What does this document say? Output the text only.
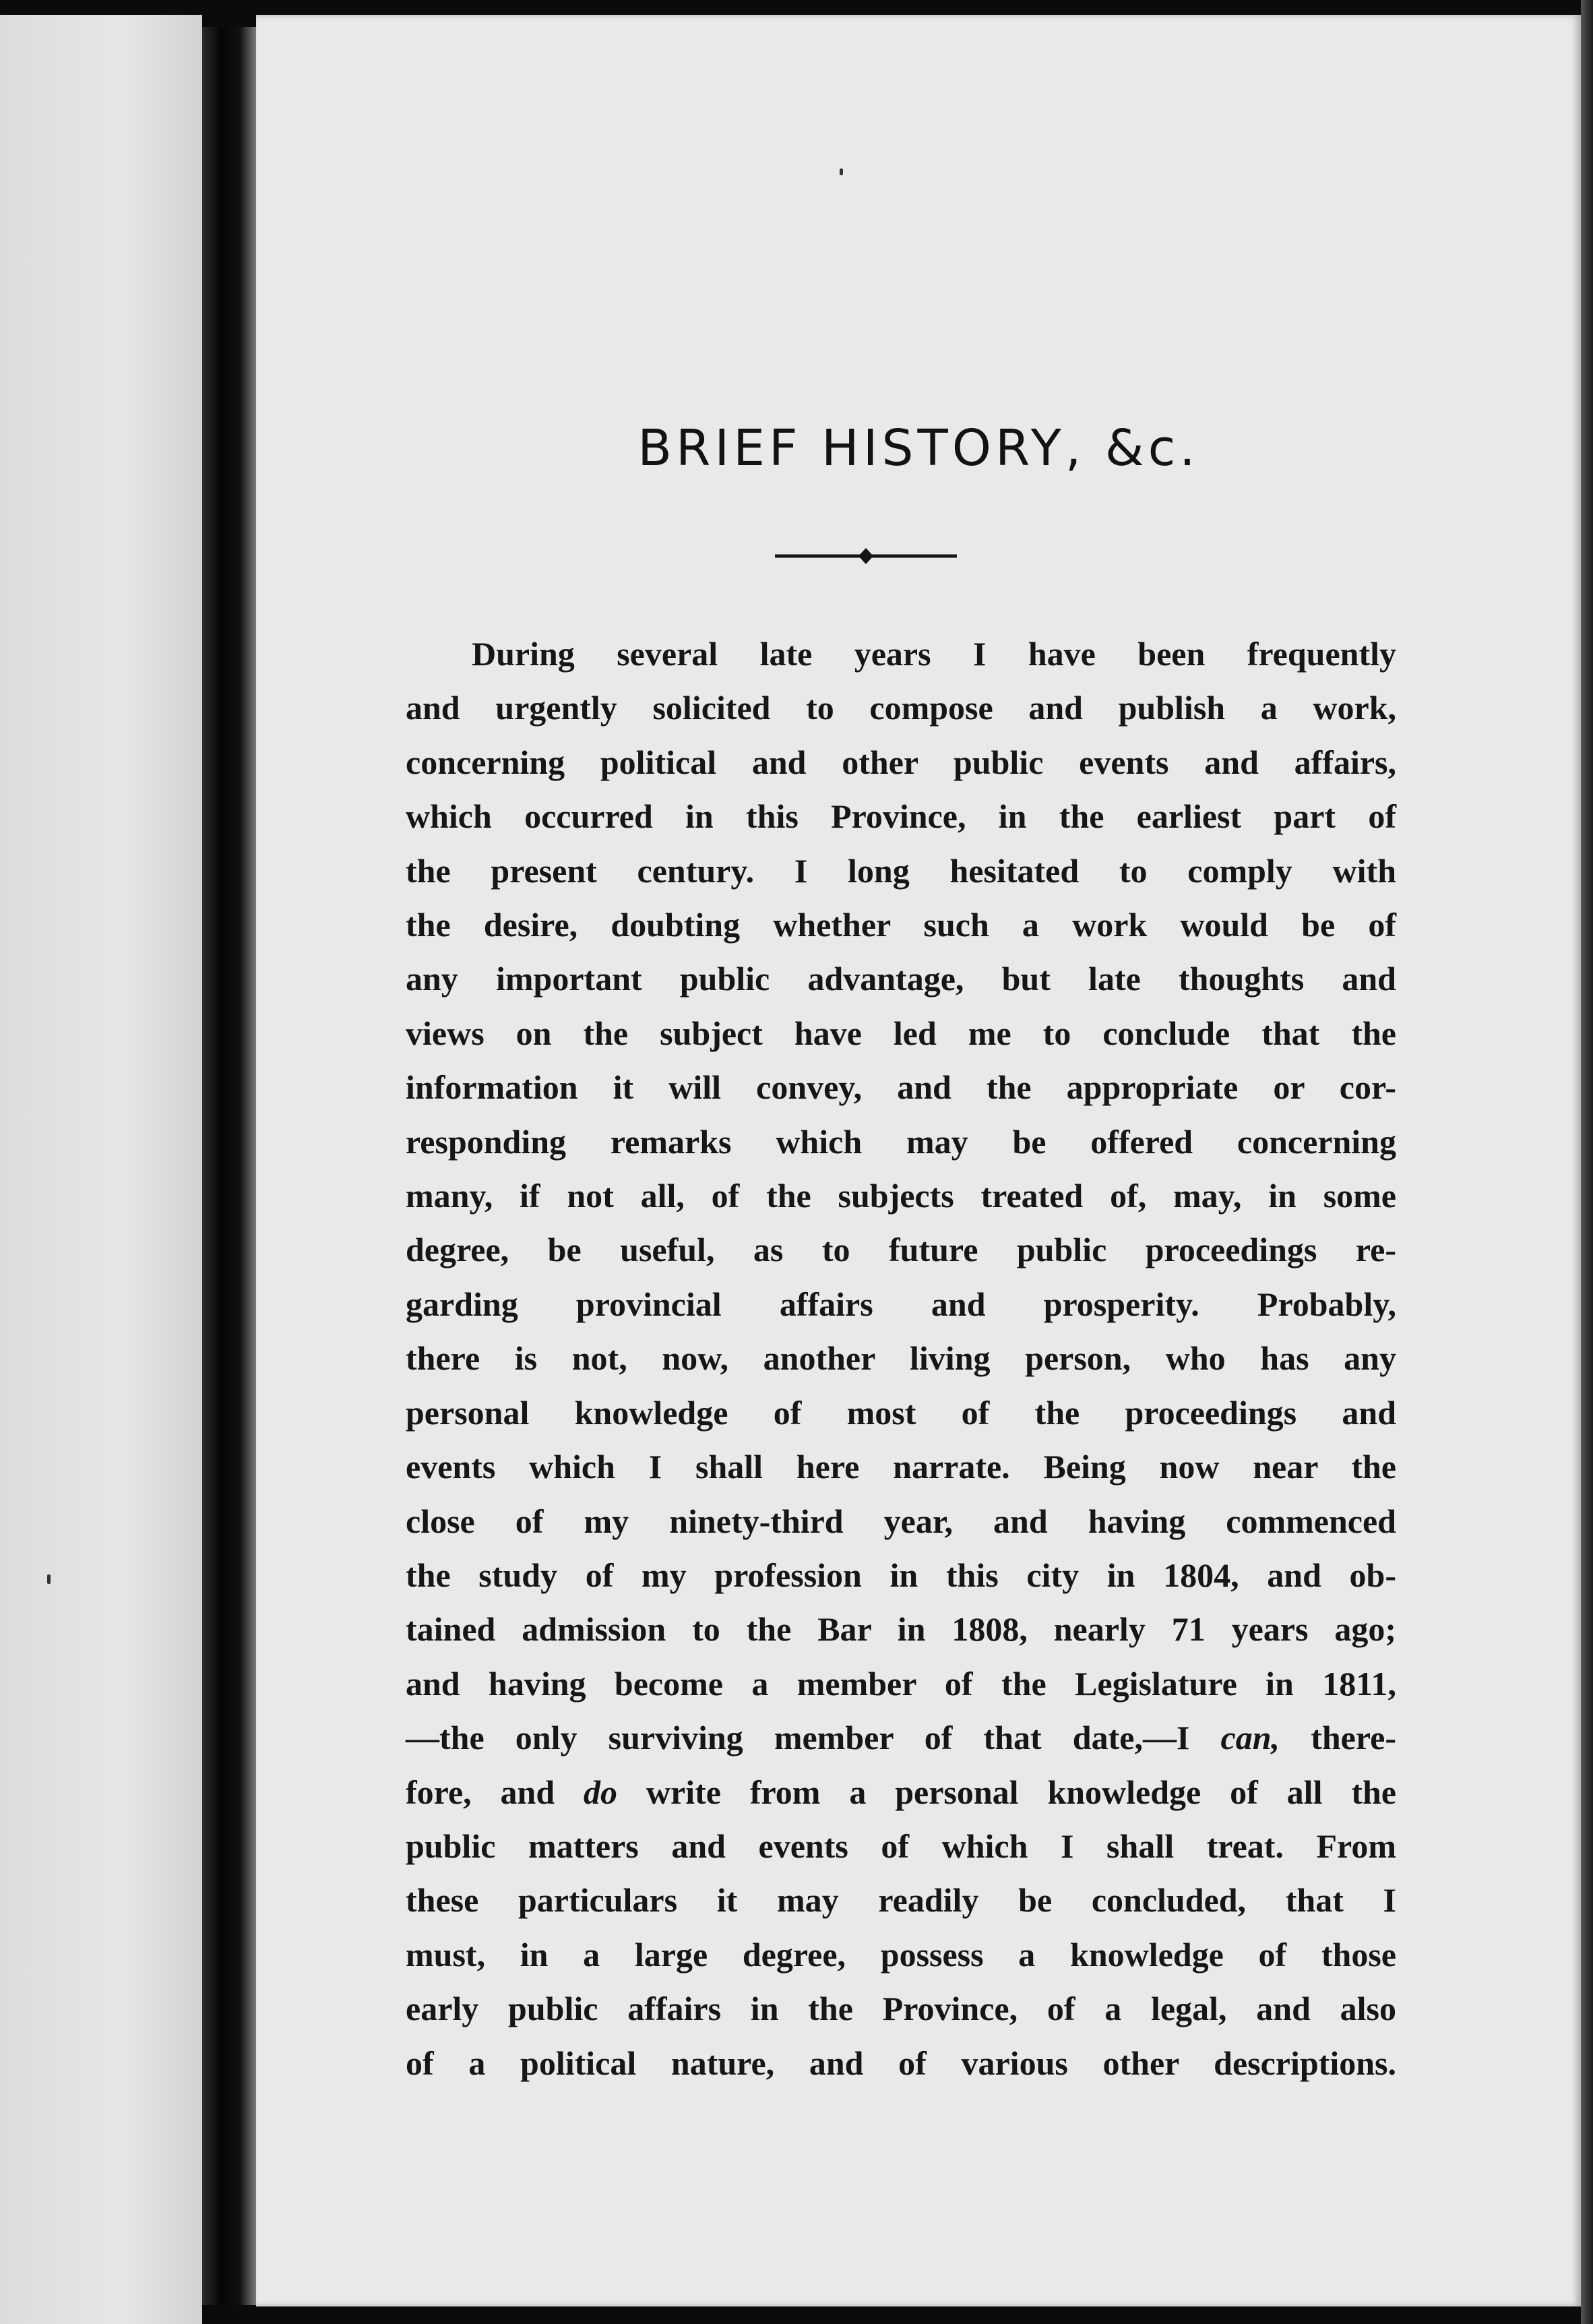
BRIEF HISTORY, &c.
During several late years I have been frequently
and urgently solicited to compose and publish a work,
concerning political and other public events and affairs,
which occurred in this Province, in the earliest part of
the present century. I long hesitated to comply with
the desire, doubting whether such a work would be of
any important public advantage, but late thoughts and
views on the subject have led me to conclude that the
information it will convey, and the appropriate or cor-
responding remarks which may be offered concerning
many, if not all, of the subjects treated of, may, in some
degree, be useful, as to future public proceedings re-
garding provincial affairs and prosperity. Probably,
there is not, now, another living person, who has any
personal knowledge of most of the proceedings and
events which I shall here narrate. Being now near the
close of my ninety-third year, and having commenced
the study of my profession in this city in 1804, and ob-
tained admission to the Bar in 1808, nearly 71 years ago;
and having become a member of the Legislature in 1811,
—the only surviving member of that date,—I can, there-
fore, and do write from a personal knowledge of all the
public matters and events of which I shall treat. From
these particulars it may readily be concluded, that I
must, in a large degree, possess a knowledge of those
early public affairs in the Province, of a legal, and also
of a political nature, and of various other descriptions.
